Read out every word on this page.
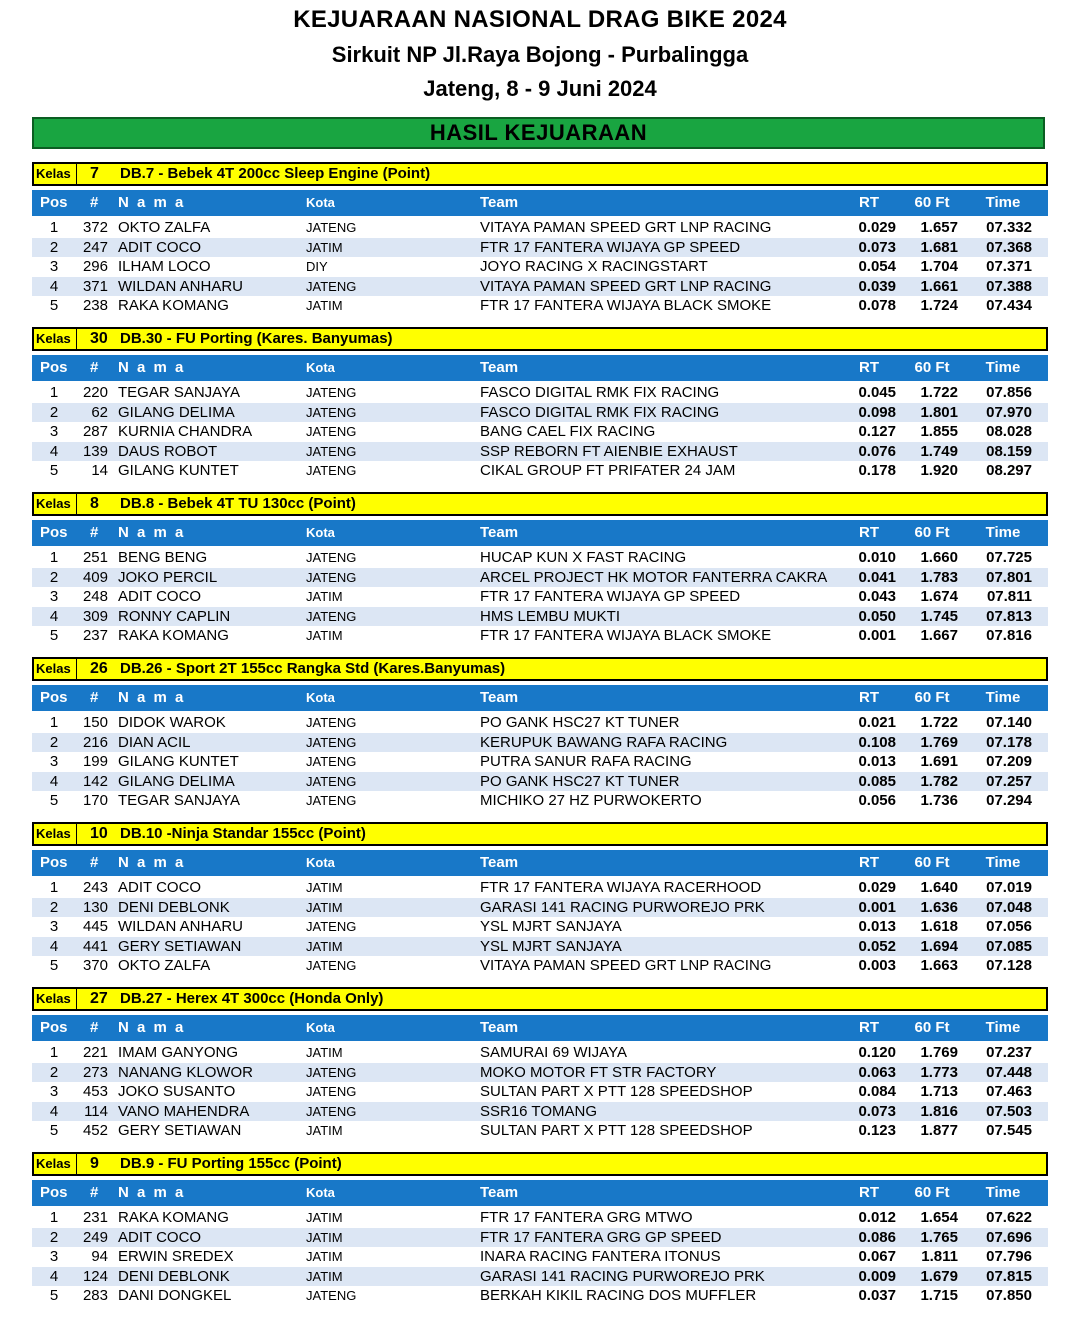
KEJUARAAN NASIONAL DRAG BIKE 2024
Sirkuit NP Jl.Raya Bojong - Purbalingga
Jateng, 8 - 9 Juni 2024
HASIL KEJUARAAN
Kelas 7 DB.7 - Bebek 4T 200cc Sleep Engine (Point)
Pos	#	N a m a	Kota	Team	RT	60 Ft	Time
1	372 OKTO ZALFA	JATENG	VITAYA PAMAN SPEED GRT LNP RACING	0.029	1.657	07.332
2	247 ADIT COCO	JATIM	FTR 17 FANTERA WIJAYA GP SPEED	0.073	1.681	07.368
3	296 ILHAM LOCO	DIY	JOYO RACING X RACINGSTART	0.054	1.704	07.371
4	371 WILDAN ANHARU	JATENG	VITAYA PAMAN SPEED GRT LNP RACING	0.039	1.661	07.388
5	238 RAKA KOMANG	JATIM	FTR 17 FANTERA WIJAYA BLACK SMOKE	0.078	1.724	07.434
Kelas 30 DB.30 - FU Porting (Kares. Banyumas)
Pos	#	N a m a	Kota	Team	RT	60 Ft	Time
1	220 TEGAR SANJAYA	JATENG	FASCO DIGITAL RMK FIX RACING	0.045	1.722	07.856
2	62 GILANG DELIMA	JATENG	FASCO DIGITAL RMK FIX RACING	0.098	1.801	07.970
3	287 KURNIA CHANDRA	JATENG	BANG CAEL FIX RACING	0.127	1.855	08.028
4	139 DAUS ROBOT	JATENG	SSP REBORN FT AIENBIE EXHAUST	0.076	1.749	08.159
5	14 GILANG KUNTET	JATENG	CIKAL GROUP FT PRIFATER 24 JAM	0.178	1.920	08.297
Kelas 8 DB.8 - Bebek 4T TU 130cc (Point)
Pos	#	N a m a	Kota	Team	RT	60 Ft	Time
1	251 BENG BENG	JATENG	HUCAP KUN X FAST RACING	0.010	1.660	07.725
2	409 JOKO PERCIL	JATENG	ARCEL PROJECT HK MOTOR FANTERRA CAKRA	0.041	1.783	07.801
3	248 ADIT COCO	JATIM	FTR 17 FANTERA WIJAYA GP SPEED	0.043	1.674	07.811
4	309 RONNY CAPLIN	JATENG	HMS LEMBU MUKTI	0.050	1.745	07.813
5	237 RAKA KOMANG	JATIM	FTR 17 FANTERA WIJAYA BLACK SMOKE	0.001	1.667	07.816
Kelas 26 DB.26 - Sport 2T 155cc Rangka Std (Kares.Banyumas)
Pos	#	N a m a	Kota	Team	RT	60 Ft	Time
1	150 DIDOK WAROK	JATENG	PO GANK HSC27 KT TUNER	0.021	1.722	07.140
2	216 DIAN ACIL	JATENG	KERUPUK BAWANG RAFA RACING	0.108	1.769	07.178
3	199 GILANG KUNTET	JATENG	PUTRA SANUR RAFA RACING	0.013	1.691	07.209
4	142 GILANG DELIMA	JATENG	PO GANK HSC27 KT TUNER	0.085	1.782	07.257
5	170 TEGAR SANJAYA	JATENG	MICHIKO 27 HZ PURWOKERTO	0.056	1.736	07.294
Kelas 10 DB.10 -Ninja Standar 155cc (Point)
Pos	#	N a m a	Kota	Team	RT	60 Ft	Time
1	243 ADIT COCO	JATIM	FTR 17 FANTERA WIJAYA RACERHOOD	0.029	1.640	07.019
2	130 DENI DEBLONK	JATIM	GARASI 141 RACING PURWOREJO PRK	0.001	1.636	07.048
3	445 WILDAN ANHARU	JATENG	YSL MJRT SANJAYA	0.013	1.618	07.056
4	441 GERY SETIAWAN	JATIM	YSL MJRT SANJAYA	0.052	1.694	07.085
5	370 OKTO ZALFA	JATENG	VITAYA PAMAN SPEED GRT LNP RACING	0.003	1.663	07.128
Kelas 27 DB.27 - Herex 4T 300cc (Honda Only)
Pos	#	N a m a	Kota	Team	RT	60 Ft	Time
1	221 IMAM GANYONG	JATIM	SAMURAI 69 WIJAYA	0.120	1.769	07.237
2	273 NANANG KLOWOR	JATENG	MOKO MOTOR FT STR FACTORY	0.063	1.773	07.448
3	453 JOKO SUSANTO	JATENG	SULTAN PART X PTT 128 SPEEDSHOP	0.084	1.713	07.463
4	114 VANO MAHENDRA	JATENG	SSR16 TOMANG	0.073	1.816	07.503
5	452 GERY SETIAWAN	JATIM	SULTAN PART X PTT 128 SPEEDSHOP	0.123	1.877	07.545
Kelas 9 DB.9 - FU Porting 155cc (Point)
Pos	#	N a m a	Kota	Team	RT	60 Ft	Time
1	231 RAKA KOMANG	JATIM	FTR 17 FANTERA GRG MTWO	0.012	1.654	07.622
2	249 ADIT COCO	JATIM	FTR 17 FANTERA GRG GP SPEED	0.086	1.765	07.696
3	94 ERWIN SREDEX	JATIM	INARA RACING FANTERA ITONUS	0.067	1.811	07.796
4	124 DENI DEBLONK	JATIM	GARASI 141 RACING PURWOREJO PRK	0.009	1.679	07.815
5	283 DANI DONGKEL	JATENG	BERKAH KIKIL RACING DOS MUFFLER	0.037	1.715	07.850
